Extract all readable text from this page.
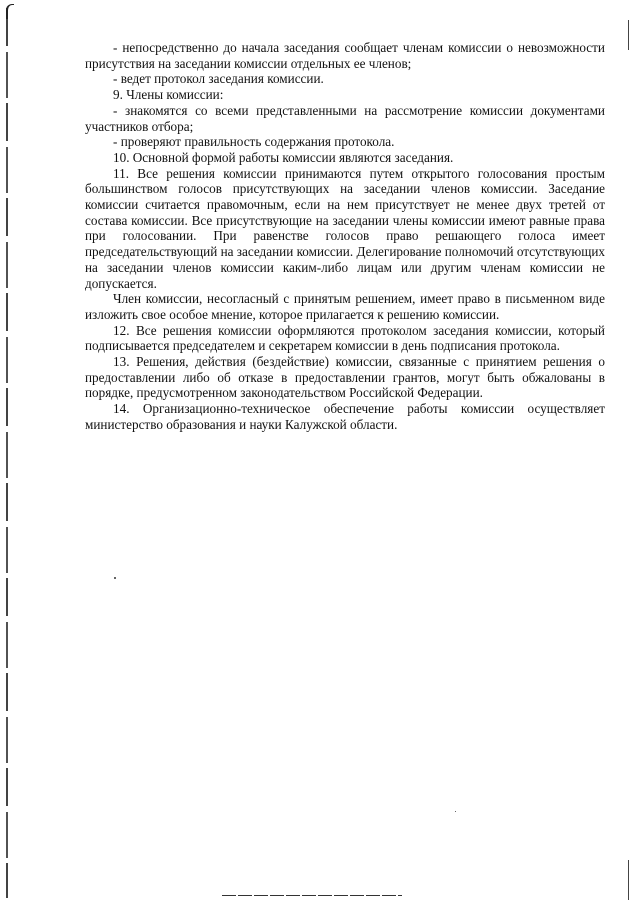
- непосредственно до начала заседания сообщает членам комиссии о невозможности присутствия на заседании комиссии отдельных ее членов;

- ведет протокол заседания комиссии.

9. Члены комиссии:

- знакомятся со всеми представленными на рассмотрение комиссии документами участников отбора;

- проверяют правильность содержания протокола.

10. Основной формой работы комиссии являются заседания.

11. Все решения комиссии принимаются путем открытого голосования простым большинством голосов присутствующих на заседании членов комиссии. Заседание комиссии считается правомочным, если на нем присутствует не менее двух третей от состава комиссии. Все присутствующие на заседании члены комиссии имеют равные права при голосовании. При равенстве голосов право решающего голоса имеет председательствующий на заседании комиссии. Делегирование полномочий отсутствующих на заседании членов комиссии каким-либо лицам или другим членам комиссии не допускается.

Член комиссии, несогласный с принятым решением, имеет право в письменном виде изложить свое особое мнение, которое прилагается к решению комиссии.

12. Все решения комиссии оформляются протоколом заседания комиссии, который подписывается председателем и секретарем комиссии в день подписания протокола.

13. Решения, действия (бездействие) комиссии, связанные с принятием решения о предоставлении либо об отказе в предоставлении грантов, могут быть обжалованы в порядке, предусмотренном законодательством Российской Федерации.

14. Организационно-техническое обеспечение работы комиссии осуществляет министерство образования и науки Калужской области.
